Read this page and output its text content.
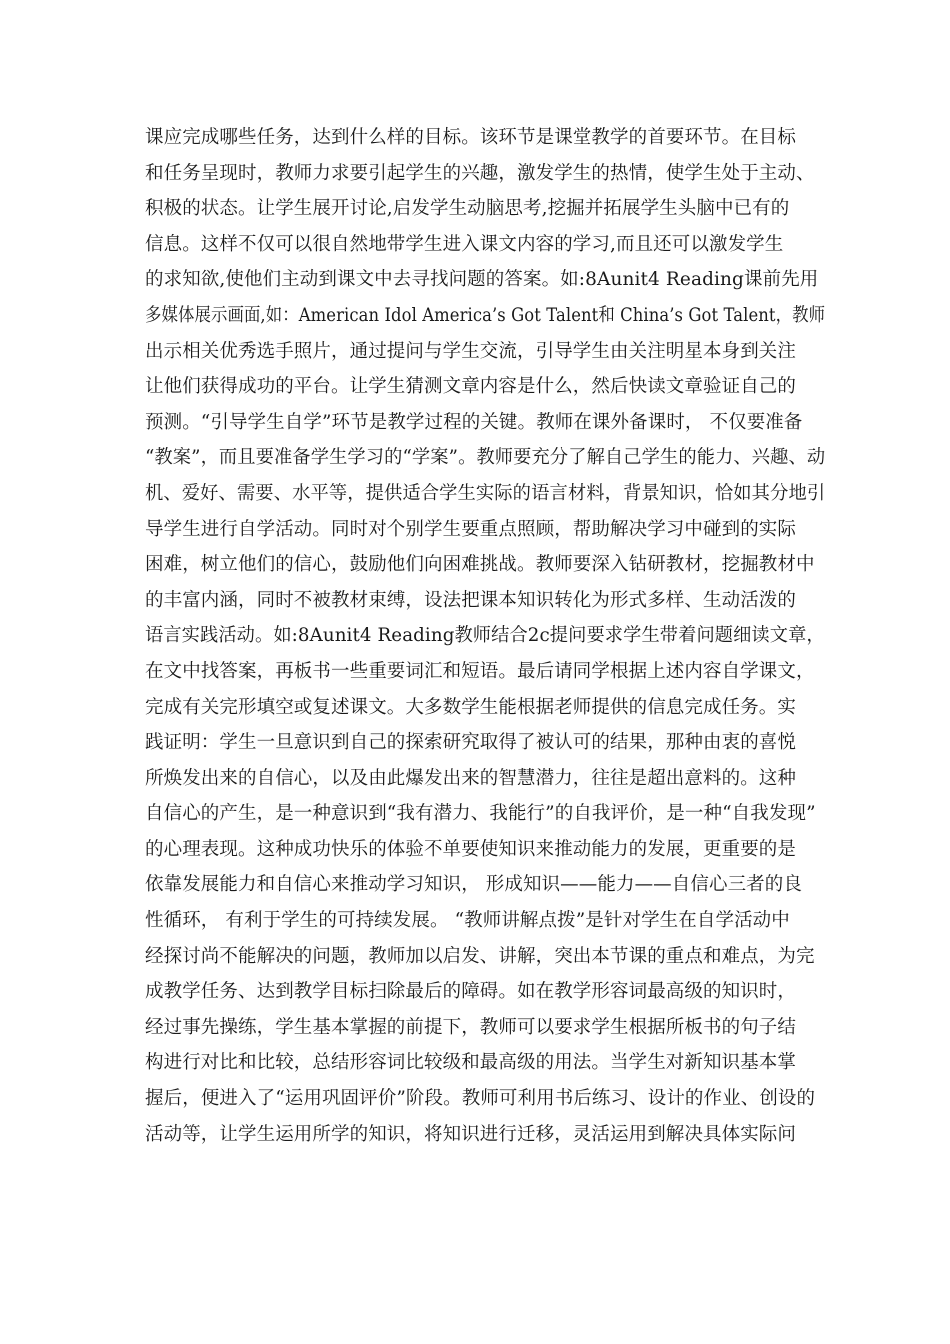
课应完成哪些任务，达到什么样的目标。该环节是课堂教学的首要环节。在目标
和任务呈现时，教师力求要引起学生的兴趣，激发学生的热情，使学生处于主动、
积极的状态。让学生展开讨论,启发学生动脑思考,挖掘并拓展学生头脑中已有的
信息。这样不仅可以很自然地带学生进入课文内容的学习,而且还可以激发学生
的求知欲,使他们主动到课文中去寻找问题的答案。如:8Aunit4 Reading课前先用
多媒体展示画面,如：American Idol America’s Got Talent和 China’s Got Talent，教师
出示相关优秀选手照片，通过提问与学生交流，引导学生由关注明星本身到关注
让他们获得成功的平台。让学生猜测文章内容是什么，然后快读文章验证自己的
预测。“引导学生自学”环节是教学过程的关键。教师在课外备课时， 不仅要准备
“教案”，而且要准备学生学习的“学案”。教师要充分了解自己学生的能力、兴趣、动
机、爱好、需要、水平等，提供适合学生实际的语言材料，背景知识，恰如其分地引
导学生进行自学活动。同时对个别学生要重点照顾，帮助解决学习中碰到的实际
困难，树立他们的信心，鼓励他们向困难挑战。教师要深入钻研教材，挖掘教材中
的丰富内涵，同时不被教材束缚，设法把课本知识转化为形式多样、生动活泼的
语言实践活动。如:8Aunit4 Reading教师结合2c提问要求学生带着问题细读文章，
在文中找答案，再板书一些重要词汇和短语。最后请同学根据上述内容自学课文，
完成有关完形填空或复述课文。大多数学生能根据老师提供的信息完成任务。实
践证明：学生一旦意识到自己的探索研究取得了被认可的结果，那种由衷的喜悦
所焕发出来的自信心，以及由此爆发出来的智慧潜力，往往是超出意料的。这种
自信心的产生，是一种意识到“我有潜力、我能行”的自我评价，是一种“自我发现”
的心理表现。这种成功快乐的体验不单要使知识来推动能力的发展，更重要的是
依靠发展能力和自信心来推动学习知识， 形成知识——能力——自信心三者的良
性循环， 有利于学生的可持续发展。 “教师讲解点拨”是针对学生在自学活动中
经探讨尚不能解决的问题，教师加以启发、讲解，突出本节课的重点和难点，为完
成教学任务、达到教学目标扫除最后的障碍。如在教学形容词最高级的知识时，
经过事先操练，学生基本掌握的前提下，教师可以要求学生根据所板书的句子结
构进行对比和比较，总结形容词比较级和最高级的用法。当学生对新知识基本掌
握后，便进入了“运用巩固评价”阶段。教师可利用书后练习、设计的作业、创设的
活动等，让学生运用所学的知识，将知识进行迁移，灵活运用到解决具体实际问
